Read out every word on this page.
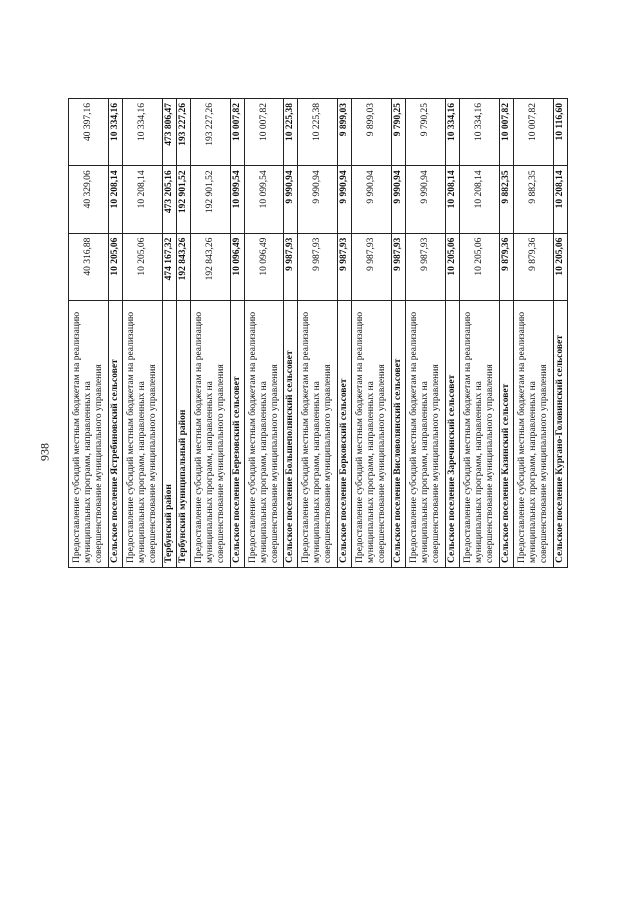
938 Предоставление субсидий местным бюджетам на реализацию муниципальных программ, направленных на совершенствование муниципального управления	40 316,88	40 329,06	40 397,16
Сельское поселение Ястребиновский сельсовет	10 205,06	10 208,14	10 334,16
Предоставление субсидий местным бюджетам на реализацию муниципальных программ, направленных на совершенствование муниципального управления	10 205,06	10 208,14	10 334,16
Тербунский район	474 167,32	473 205,16	473 806,47
Тербунский муниципальный район	192 843,26	192 901,52	193 227,26
Предоставление субсидий местным бюджетам на реализацию муниципальных программ, направленных на совершенствование муниципального управления	192 843,26	192 901,52	193 227,26
Сельское поселение Березовский сельсовет	10 096,49	10 099,54	10 007,82
Предоставление субсидий местным бюджетам на реализацию муниципальных программ, направленных на совершенствование муниципального управления	10 096,49	10 099,54	10 007,82
Сельское поселение Большеполянский сельсовет	9 987,93	9 990,94	10 225,38
Предоставление субсидий местным бюджетам на реализацию муниципальных программ, направленных на совершенствование муниципального управления	9 987,93	9 990,94	10 225,38
Сельское поселение Борковский сельсовет	9 987,93	9 990,94	9 899,03
Предоставление субсидий местным бюджетам на реализацию муниципальных программ, направленных на совершенствование муниципального управления	9 987,93	9 990,94	9 899,03
Сельское поселение Висловолянский сельсовет	9 987,93	9 990,94	9 790,25
Предоставление субсидий местным бюджетам на реализацию муниципальных программ, направленных на совершенствование муниципального управления	9 987,93	9 990,94	9 790,25
Сельское поселение Заречинский сельсовет	10 205,06	10 208,14	10 334,16
Предоставление субсидий местным бюджетам на реализацию муниципальных программ, направленных на совершенствование муниципального управления	10 205,06	10 208,14	10 334,16
Сельское поселение Казинский сельсовет	9 879,36	9 882,35	10 007,82
Предоставление субсидий местным бюджетам на реализацию муниципальных программ, направленных на совершенствование муниципального управления	9 879,36	9 882,35	10 007,82
Сельское поселение Кургано-Головинский сельсовет	10 205,06	10 208,14	10 116,60
